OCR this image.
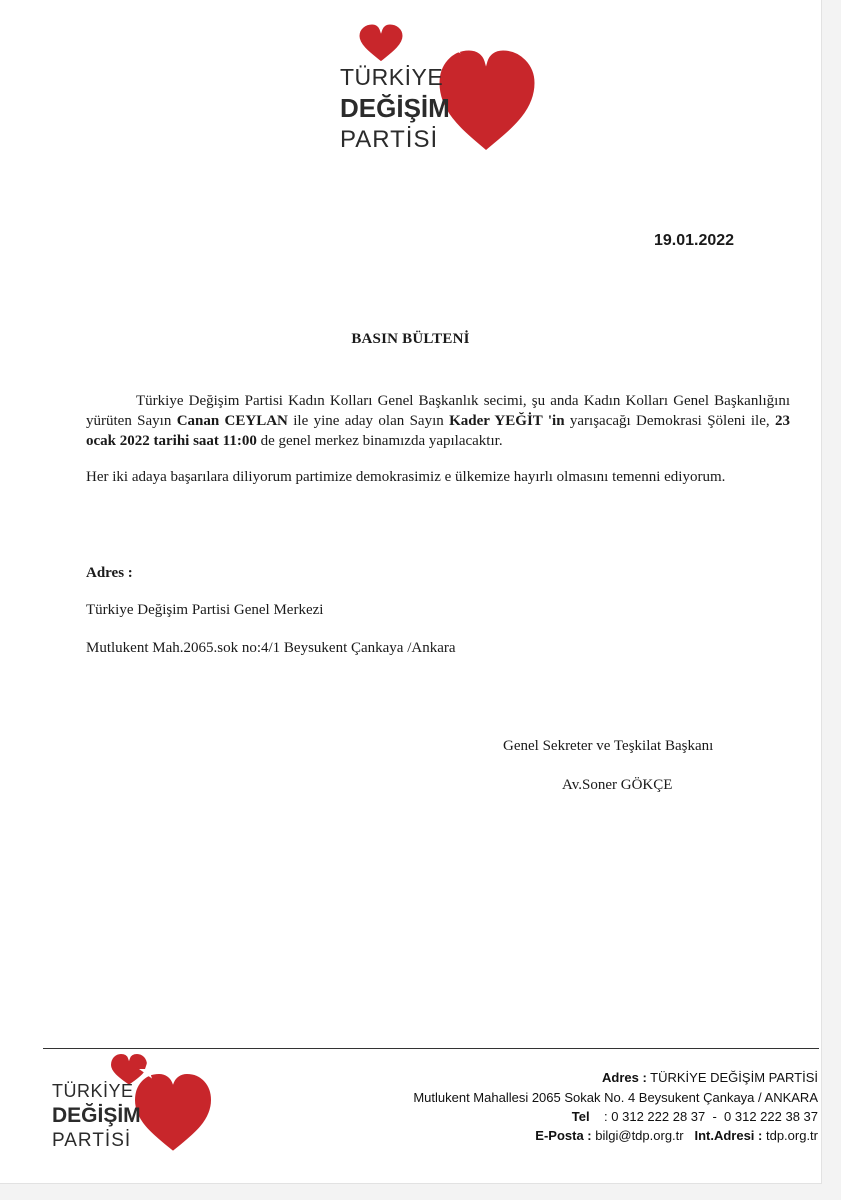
TÜRKİYE
DEĞİŞİM
PARTİSİ
19.01.2022
BASIN BÜLTENİ
Türkiye Değişim Partisi Kadın Kolları Genel Başkanlık secimi, şu anda Kadın Kolları Genel Başkanlığını yürüten Sayın Canan CEYLAN ile yine aday olan Sayın Kader YEĞİT 'in yarışacağı Demokrasi Şöleni ile, 23 ocak 2022 tarihi saat 11:00 de genel merkez binamızda yapılacaktır.
Her iki adaya başarılara diliyorum partimize demokrasimiz e ülkemize hayırlı olmasını temenni ediyorum.
Adres :
Türkiye Değişim Partisi Genel Merkezi
Mutlukent Mah.2065.sok no:4/1 Beysukent Çankaya /Ankara
Genel Sekreter ve Teşkilat Başkanı
Av.Soner GÖKÇE
TÜRKİYE
DEĞİŞİM
PARTİSİ
Adres : TÜRKİYE DEĞİŞİM PARTİSİ
Mutlukent Mahallesi 2065 Sokak No. 4 Beysukent Çankaya / ANKARA
Tel    : 0 312 222 28 37  -  0 312 222 38 37
E-Posta : bilgi@tdp.org.tr Int.Adresi : tdp.org.tr
